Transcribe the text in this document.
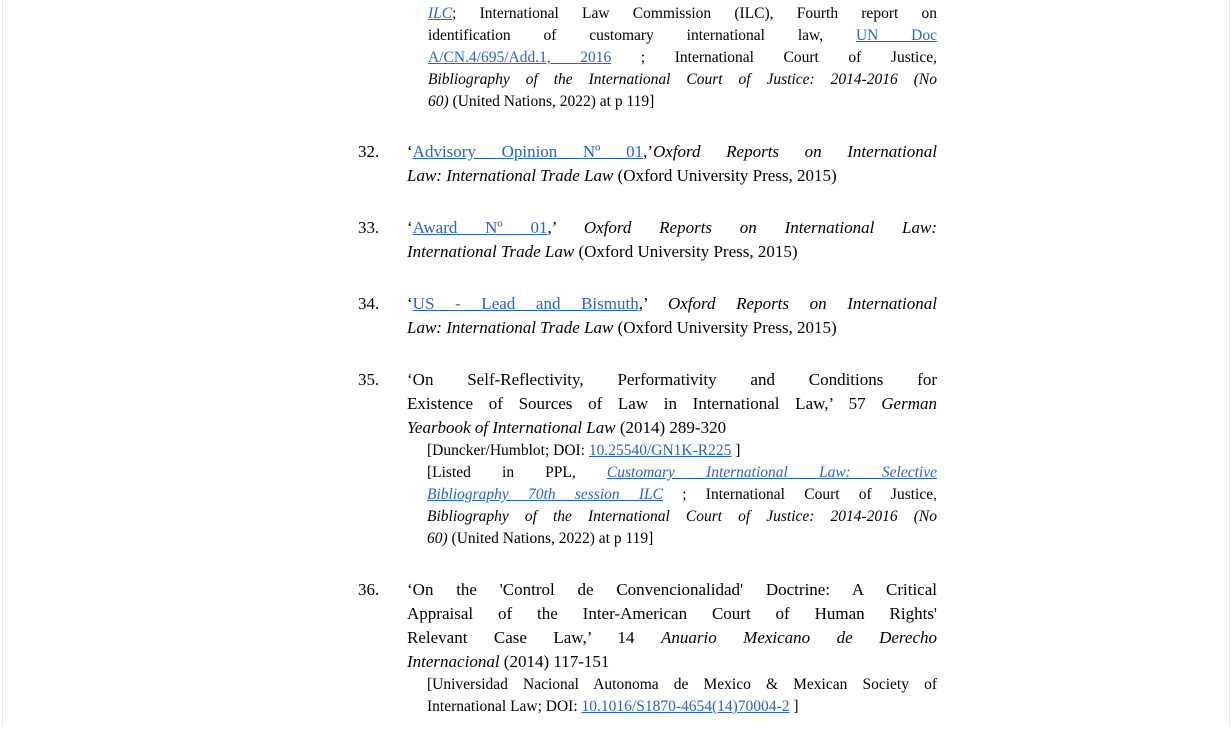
ILC; International Law Commission (ILC), Fourth report on
identification of customary international law, UN Doc
A/CN.4/695/Add.1, 2016 ; International Court of Justice,
Bibliography of the International Court of Justice: 2014-2016 (No
60) (United Nations, 2022) at p 119]
32.	‘Advisory Opinion Nº 01,’Oxford Reports on International
Law: International Trade Law (Oxford University Press, 2015)
33.	‘Award Nº 01,’ Oxford Reports on International Law:
International Trade Law (Oxford University Press, 2015)
34.	‘US - Lead and Bismuth,’ Oxford Reports on International
Law: International Trade Law (Oxford University Press, 2015)
35.	‘On Self-Reflectivity, Performativity and Conditions for
Existence of Sources of Law in International Law,’ 57 German
Yearbook of International Law (2014) 289-320
[Duncker/Humblot; DOI: 10.25540/GN1K-R225 ]
[Listed in PPL, Customary International Law: Selective
Bibliography 70th session ILC ; International Court of Justice,
Bibliography of the International Court of Justice: 2014-2016 (No
60) (United Nations, 2022) at p 119]
36.	‘On the 'Control de Convencionalidad' Doctrine: A Critical
Appraisal of the Inter-American Court of Human Rights'
Relevant Case Law,’ 14 Anuario Mexicano de Derecho
Internacional (2014) 117-151
[Universidad Nacional Autonoma de Mexico & Mexican Society of
International Law; DOI: 10.1016/S1870-4654(14)70004-2 ]
